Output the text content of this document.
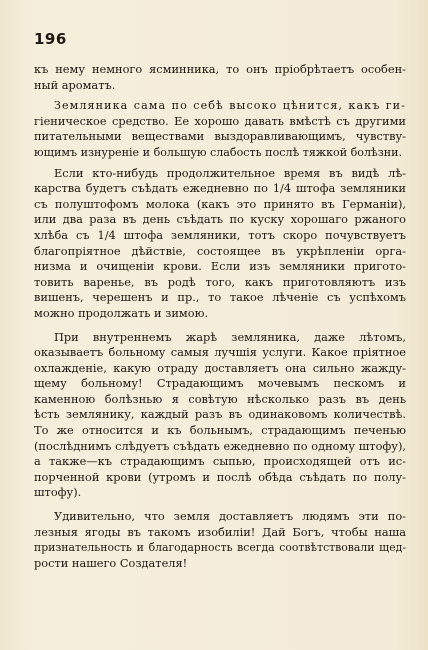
196
къ нему немного ясминника, то онъ пріобрѣтаетъ особен-
ный ароматъ.
Земляника сама по себѣ высоко цѣнится, какъ ги-
гіеническое средство. Ее хорошо давать вмѣстѣ съ другими
питательными веществами выздоравливающимъ, чувству-
ющимъ изнуреніе и большую слабость послѣ тяжкой болѣзни.
Если кто-нибудь продолжительное время въ видѣ лѣ-
карства будетъ съѣдать ежедневно по 1/4 штофа земляники
съ полуштофомъ молока (какъ это принято въ Германіи),
или два раза въ день съѣдать по куску хорошаго ржаного
хлѣба съ 1/4 штофа земляники, тотъ скоро почувствуетъ
благопріятное дѣйствіе, состоящее въ укрѣпленіи орга-
низма и очищеніи крови. Если изъ земляники пригото-
товить варенье, въ родѣ того, какъ приготовляютъ изъ
вишенъ, черешенъ и пр., то такое лѣченіе съ успѣхомъ
можно продолжать и зимою.
При внутреннемъ жарѣ земляника, даже лѣтомъ,
оказываетъ больному самыя лучшія услуги. Какое пріятное
охлажденіе, какую отраду доставляетъ она сильно жажду-
щему больному! Страдающимъ мочевымъ пескомъ и
каменною болѣзнью я совѣтую нѣсколько разъ въ день
ѣсть землянику, каждый разъ въ одинаковомъ количествѣ.
То же относится и къ больнымъ, страдающимъ печенью
(послѣднимъ слѣдуетъ съѣдать ежедневно по одному штофу),
а также—къ страдающимъ сыпью, происходящей отъ ис-
порченной крови (утромъ и послѣ обѣда съѣдать по полу-
штофу).
Удивительно, что земля доставляетъ людямъ эти по-
лезныя ягоды въ такомъ изобиліи! Дай Богъ, чтобы наша
признательность и благодарность всегда соотвѣтствовали щед-
рости нашего Создателя!
